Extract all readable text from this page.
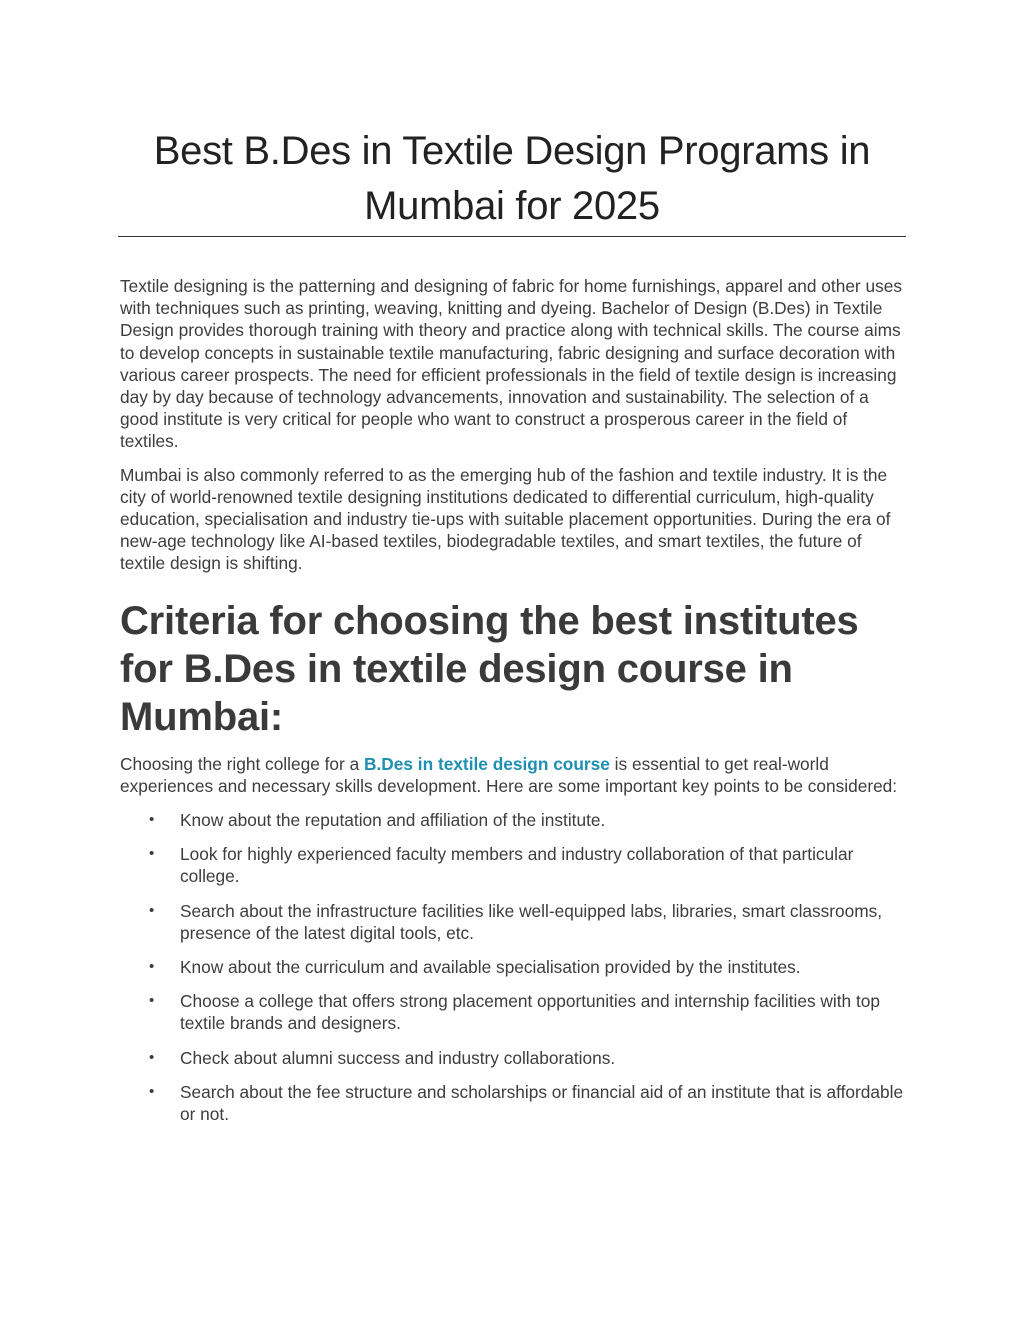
Best B.Des in Textile Design Programs in
Mumbai for 2025

Textile designing is the patterning and designing of fabric for home furnishings, apparel and other uses with techniques such as printing, weaving, knitting and dyeing. Bachelor of Design (B.Des) in Textile Design provides thorough training with theory and practice along with technical skills. The course aims to develop concepts in sustainable textile manufacturing, fabric designing and surface decoration with various career prospects. The need for efficient professionals in the field of textile design is increasing day by day because of technology advancements, innovation and sustainability. The selection of a good institute is very critical for people who want to construct a prosperous career in the field of textiles.

Mumbai is also commonly referred to as the emerging hub of the fashion and textile industry. It is the city of world-renowned textile designing institutions dedicated to differential curriculum, high-quality education, specialisation and industry tie-ups with suitable placement opportunities. During the era of new-age technology like AI-based textiles, biodegradable textiles, and smart textiles, the future of textile design is shifting.

Criteria for choosing the best institutes for B.Des in textile design course in Mumbai:

Choosing the right college for a B.Des in textile design course is essential to get real-world experiences and necessary skills development. Here are some important key points to be considered:

• Know about the reputation and affiliation of the institute.
• Look for highly experienced faculty members and industry collaboration of that particular college.
• Search about the infrastructure facilities like well-equipped labs, libraries, smart classrooms, presence of the latest digital tools, etc.
• Know about the curriculum and available specialisation provided by the institutes.
• Choose a college that offers strong placement opportunities and internship facilities with top textile brands and designers.
• Check about alumni success and industry collaborations.
• Search about the fee structure and scholarships or financial aid of an institute that is affordable or not.
